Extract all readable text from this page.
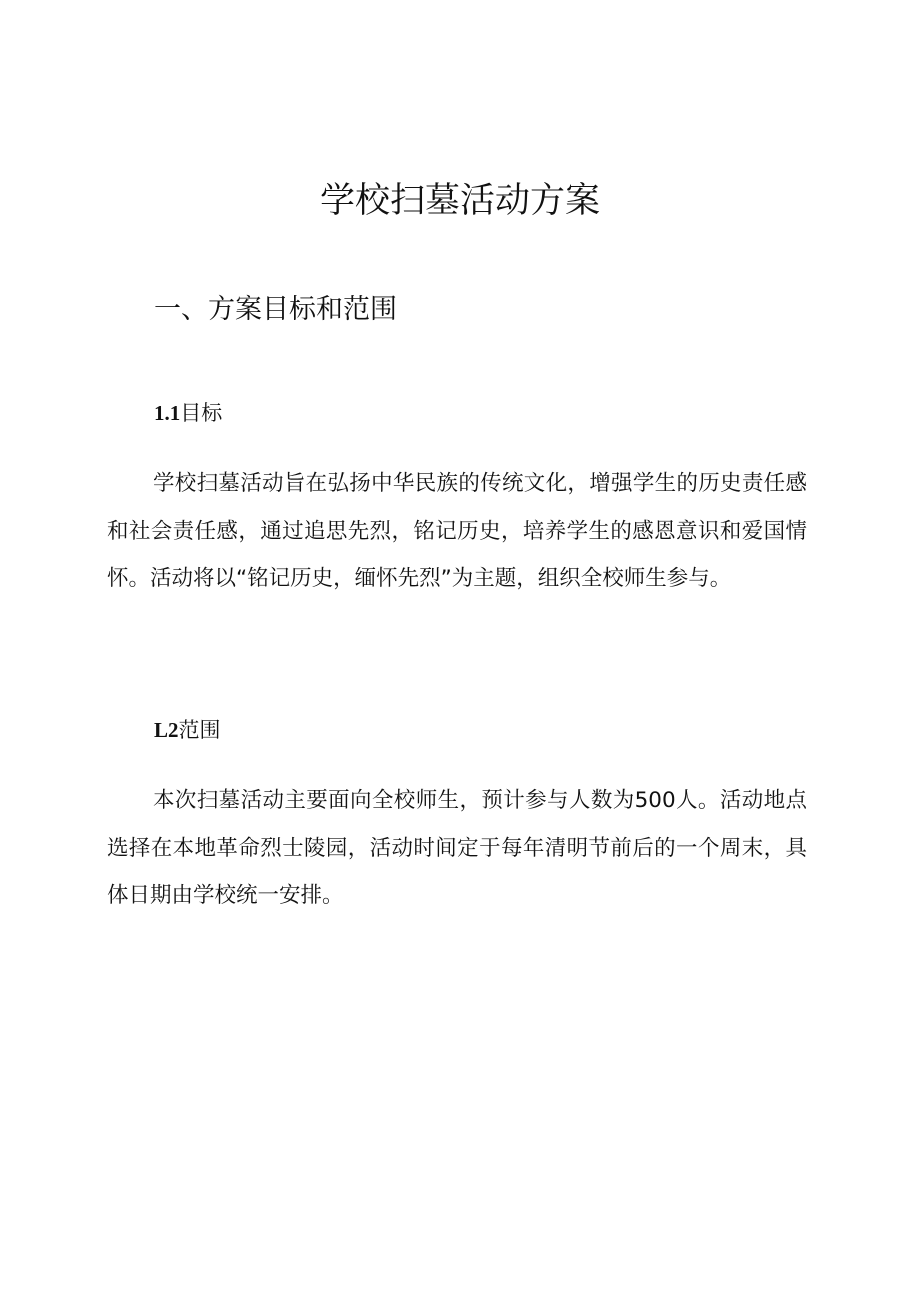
学校扫墓活动方案
一、方案目标和范围
1.1目标

学校扫墓活动旨在弘扬中华民族的传统文化，增强学生的历史责任感和社会责任感，通过追思先烈，铭记历史，培养学生的感恩意识和爱国情怀。活动将以“铭记历史，缅怀先烈”为主题，组织全校师生参与。

L2范围

本次扫墓活动主要面向全校师生，预计参与人数为500人。活动地点选择在本地革命烈士陵园，活动时间定于每年清明节前后的一个周末，具体日期由学校统一安排。
